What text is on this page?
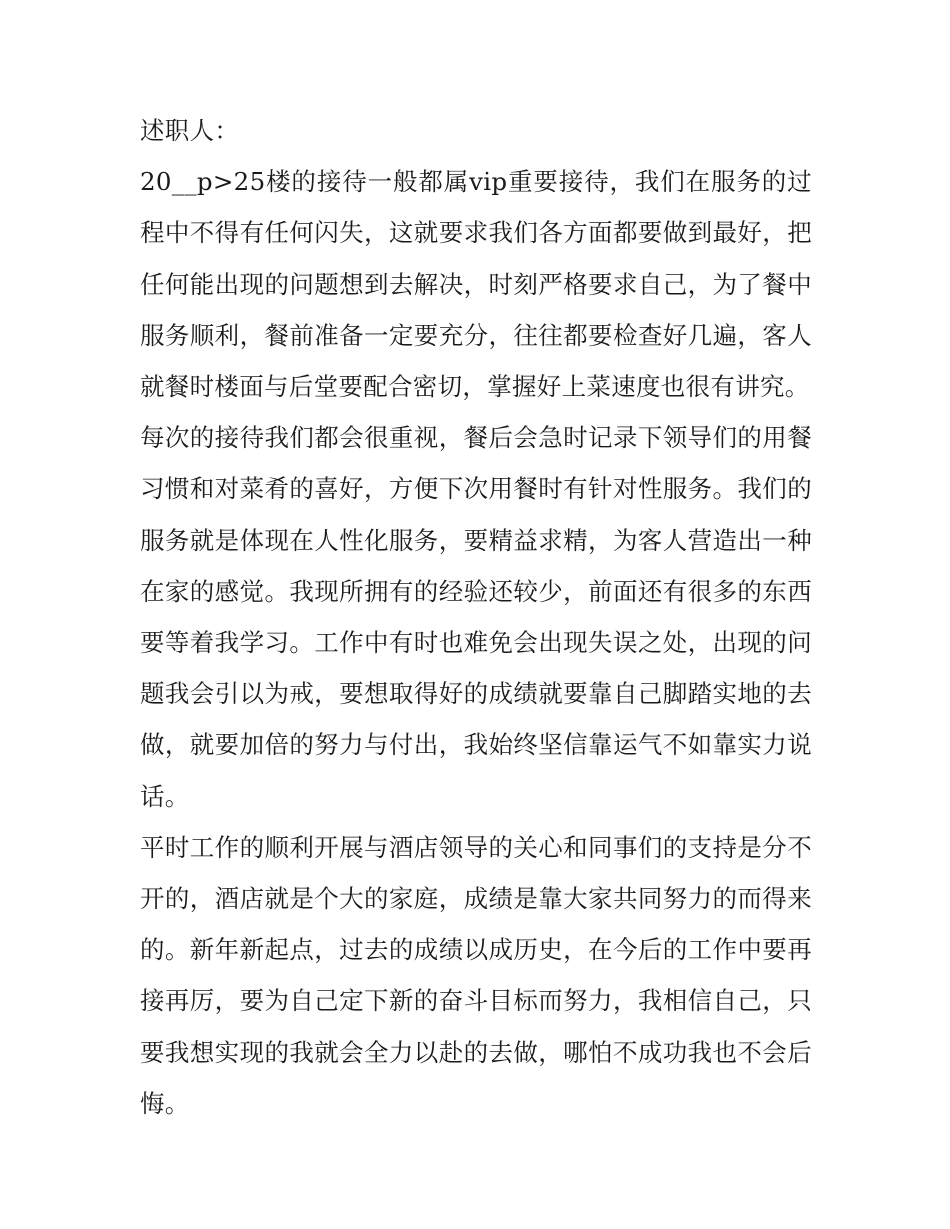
述职人：

20__p>25楼的接待一般都属vip重要接待，我们在服务的过程中不得有任何闪失，这就要求我们各方面都要做到最好，把任何能出现的问题想到去解决，时刻严格要求自己，为了餐中服务顺利，餐前准备一定要充分，往往都要检查好几遍，客人就餐时楼面与后堂要配合密切，掌握好上菜速度也很有讲究。

每次的接待我们都会很重视，餐后会急时记录下领导们的用餐习惯和对菜肴的喜好，方便下次用餐时有针对性服务。我们的服务就是体现在人性化服务，要精益求精，为客人营造出一种在家的感觉。我现所拥有的经验还较少，前面还有很多的东西要等着我学习。工作中有时也难免会出现失误之处，出现的问题我会引以为戒，要想取得好的成绩就要靠自己脚踏实地的去做，就要加倍的努力与付出，我始终坚信靠运气不如靠实力说话。

平时工作的顺利开展与酒店领导的关心和同事们的支持是分不开的，酒店就是个大的家庭，成绩是靠大家共同努力的而得来的。新年新起点，过去的成绩以成历史，在今后的工作中要再接再厉，要为自己定下新的奋斗目标而努力，我相信自己，只要我想实现的我就会全力以赴的去做，哪怕不成功我也不会后悔。
